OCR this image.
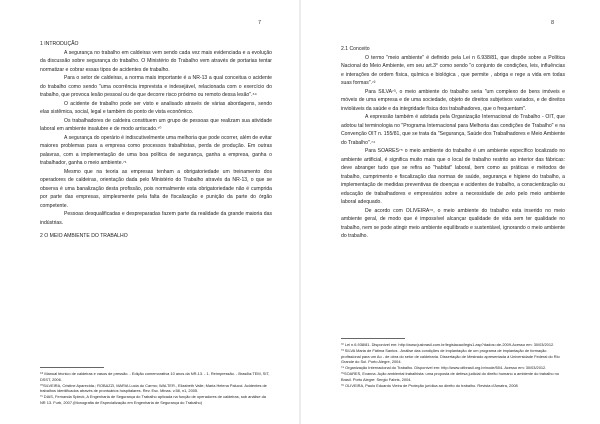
7

1 INTRODUÇÃO

A segurança no trabalho em caldeiras vem sendo cada vez mais evidenciada e a evolução da discussão sobre segurança do trabalho. O Ministério do Trabalho vem através de portarias tentar normatizar e cobrar essas tipos de acidentes de trabalho.

Para o setor de caldeiras, a norma mais importante é a NR-13 a qual conceitua o acidente do trabalho como sendo "uma ocorrência imprevista e indesejável, relacionada com o exercício do trabalho, que provoca lesão pessoal ou de que decorre risco próximo ou remoto dessa lesão".⁶⁹

O acidente de trabalho pode ser visto e analisado através de várias abordagens, sendo elas sistêmica, social, legal e também do ponto de vista econômico.

Os trabalhadores de caldeira constituem um grupo de pessoas que realizam sua atividade laboral em ambiente insalubre e de modo arriscado.⁷⁰

A segurança do operário é indiscutivelmente uma melhoria que pode ocorrer, além de evitar maiores problemas para a empresa como processos trabalhistas, perda de produção. Em outras palavras, com a implementação de uma boa política de segurança, ganha a empresa, ganha o trabalhador, ganha o meio ambiente.⁷¹

Mesmo que na teoria as empresas tenham a obrigatoriedade um treinamento dos operadores de caldeiras, orientação dada pelo Ministério do Trabalho através da NR-13, o que se observa é uma banalização desta profissão, pois normalmente esta obrigatoriedade não é cumprida por parte das empresas, simplesmente pela falta de fiscalização e punição da parte do órgão competente.

Pessoas desqualificadas e despreparadas fazem parte da realidade da grande maioria das indústrias.

2 O MEIO AMBIENTE DO TRABALHO

⁶⁹ Manual técnico de caldeiras e vasos de pressão. - Edição comemorativa 10 anos da NR-13. - 1. Reimpressão. - Brasília:TEM, SIT, DSST, 2006.

⁷⁰SILVEIRA, Cristine Aparecida.; ROBAZZI, MARIA Lucia do Carmo; WALTER., Elizabeth Valle; Maria Helena Palucci. Acidentes de trabalhos identificados através de prontuários hospitalares. Rev. Esc. Minas. v.58, n1, 2005.

⁷¹ DIAS, Fernanda Spieck, A Engenharia de Segurança do Trabalho aplicada na função de operadores de caldeiras, sob análise da NR 13. Furb, 2007.(Monografia de Especialização em Engenharia de Segurança do Trabalho)

8

2.1 Conceito

O termo "meio ambiente" é definido pela Lei n 6.938/81, que dispõe sobre a Política Nacional do Meio Ambiente, em seu art.3° como sendo "o conjunto de condições, leis, influências e interações de ordem física, química e biológica , que permite , abriga e rege a vida em todas suas formas".⁷²

Para SILVA⁷³, o meio ambiente do trabalho seria "um complexo de bens imóveis e móveis de uma empresa e de uma sociedade, objeto de direitos subjetivos variados, e de direitos invioláveis da saúde e da integridade física dos trabalhadores, que o frequentam".

A expressão também é adotada pela Organização Internacional do Trabalho - OIT, que adotou tal terminologia no "Programa Internacional para Melhoria das condições de Trabalho" e na Convenção OIT n. 155/81, que se trata da "Segurança, Saúde dos Trabalhadores e Meio Ambiente do Trabalho".⁷⁴

Para SOARES⁷⁵ o meio ambiente do trabalho é um ambiente específico localizado no ambiente artificial, é significa muito mais que o local de trabalho restrito ao interior das fábricas: deve abranger tudo que se refira ao "habitat" laboral, bem como as práticas e métodos de trabalho, cumprimento e fiscalização das normas de saúde, segurança e higiene do trabalho, a implementação de medidas preventivas de doenças e acidentes de trabalho, a conscientização ou educação de trabalhadores e empresários sobre a necessidade de zelo pelo meio ambiente laboral adequado.

De acordo com OLIVEIRA⁷⁶, o meio ambiente do trabalho esta inserido no meio ambiente geral, de modo que é impossível alcançar qualidade de vida sem ter qualidade no trabalho, nem se pode atingir meio ambiente equilibrado e sustentável, ignorando o meio ambiente do trabalho.

⁷² Lei n.6.938/81. Disponível em: http://www.jusbrasil.com.br/legislacao/legis1.asp?dados=de-2009-Acesso em: 30/03/2012.

⁷³ SILVA Maria de Fátima Santos . Análise das condições de implantação de um programa de implantação de formação profissional para um Ao - de obra do setor de caldeiraria. Dissertação de Mestrado apresentada à Universidade Federal do Rio Grande do Sul. Porto Alegre, 2004.

⁷⁴ Organização Internacional do Trabalho. Disponível em: http://www.oitbrasil.org.br/node/504- Acesso em: 30/03/2012.

⁷⁵SOARES, Evanna. Ação ambiental trabalhista: uma proposta de defesa judicial do direito humano a ambiente do trabalho no Brasil. Porto Alegre: Sergio Fabris, 2004.

⁷⁶ OLIVEIRA, Paulo Eduardo Vieira de Proteção jurídica ao direito do trabalho. Revista d'Amatra, 2008
